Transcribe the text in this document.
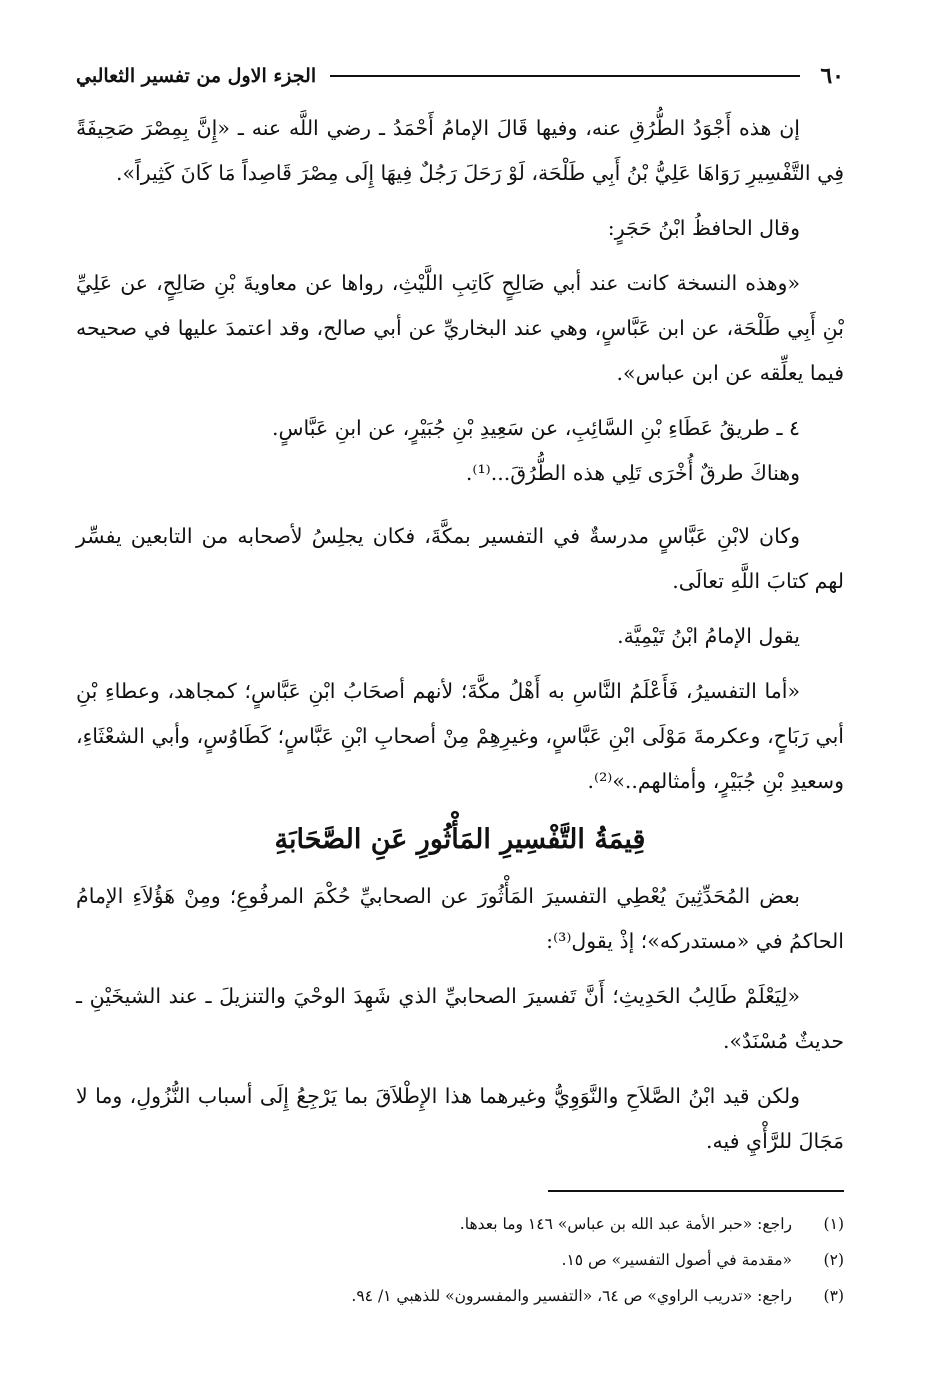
٦٠
الجزء الاول من تفسير الثعالبي

إن هذه أَجْوَدُ الطُّرُقِ عنه، وفيها قَالَ الإمامُ أَحْمَدُ ـ رضي اللَّه عنه ـ «إِنَّ بِمِصْرَ صَحِيفَةً فِي التَّفْسِيرِ رَوَاهَا عَلِيُّ بْنُ أَبِي طَلْحَة، لَوْ رَحَلَ رَجُلٌ فِيهَا إِلَى مِصْرَ قَاصِداً مَا كَانَ كَثِيراً».

وقال الحافظُ ابْنُ حَجَرٍ:

«وهذه النسخة كانت عند أبي صَالِحٍ كَاتِبِ اللَّيْثِ، رواها عن معاويةَ بْنِ صَالِحٍ، عن عَلِيِّ بْنِ أَبِي طَلْحَة، عن ابن عَبَّاسٍ، وهي عند البخاريِّ عن أبي صالح، وقد اعتمدَ عليها في صحيحه فيما يعلِّقه عن ابن عباس».

٤ ـ طريقُ عَطَاءِ بْنِ السَّائِبِ، عن سَعِيدِ بْنِ جُبَيْرٍ، عن ابنِ عَبَّاسٍ.

وهناكَ طرقٌ أُخْرَى تَلِي هذه الطُّرُقَ...⁽¹⁾.

وكان لابْنِ عَبَّاسٍ مدرسةٌ في التفسير بمكَّةَ، فكان يجلِسُ لأصحابه من التابعين يفسِّر لهم كتابَ اللَّهِ تعالَى.

يقول الإمامُ ابْنُ تَيْمِيَّة.

«أما التفسيرُ، فَأَعْلَمُ النَّاسِ به أَهْلُ مكَّةَ؛ لأنهم أصحَابُ ابْنِ عَبَّاسٍ؛ كمجاهد، وعطاءِ بْنِ أبي رَبَاحٍ، وعكرمةَ مَوْلَى ابْنِ عَبَّاسٍ، وغيرِهِمْ مِنْ أصحابِ ابْنِ عَبَّاسٍ؛ كَطَاوُسٍ، وأبي الشعْثَاءِ، وسعيدِ بْنِ جُبَيْرٍ، وأمثالهم..»⁽²⁾.

قِيمَةُ التَّفْسِيرِ المَأْثُورِ عَنِ الصَّحَابَةِ

بعض المُحَدِّثِينَ يُعْطِي التفسيرَ المَأْثُورَ عن الصحابيِّ حُكْمَ المرفُوعِ؛ ومِنْ هَؤُلاَءِ الإمامُ الحاكمُ في «مستدركه»؛ إذْ يقول⁽³⁾:

«لِيَعْلَمْ طَالِبُ الحَدِيثِ؛ أَنَّ تَفسيرَ الصحابيِّ الذي شَهِدَ الوحْيَ والتنزيلَ ـ عند الشيخَيْنِ ـ حديثٌ مُسْنَدٌ».

ولكن قيد ابْنُ الصَّلاَحِ والنَّوَوِيُّ وغيرهما هذا الإِطْلاَقَ بما يَرْجِعُ إِلَى أسباب النُّزُولِ، وما لا مَجَالَ للرَّأْيِ فيه.

(١)
راجع: «حبر الأمة عبد الله بن عباس» ١٤٦ وما بعدها.
(٢)
«مقدمة في أصول التفسير» ص ١٥.
(٣)
راجع: «تدريب الراوي» ص ٦٤، «التفسير والمفسرون» للذهبي ١/ ٩٤.
